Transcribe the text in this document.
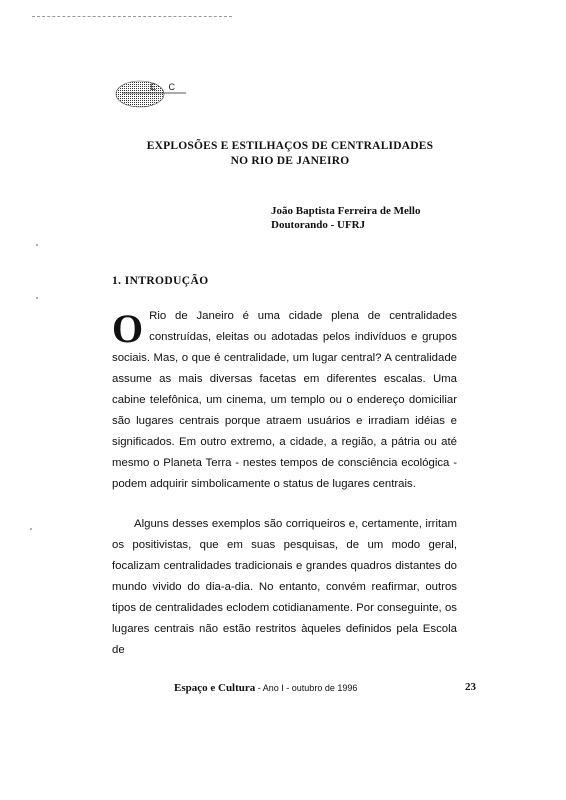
E C
EXPLOSÕES E ESTILHAÇOS DE CENTRALIDADES
NO RIO DE JANEIRO
João Baptista Ferreira de Mello
Doutorando - UFRJ
1. INTRODUÇÃO
O Rio de Janeiro é uma cidade plena de centralidades construídas, eleitas ou adotadas pelos indivíduos e grupos sociais. Mas, o que é centralidade, um lugar central? A centralidade assume as mais diversas facetas em diferentes escalas. Uma cabine telefônica, um cinema, um templo ou o endereço domiciliar são lugares centrais porque atraem usuários e irradiam idéias e significados. Em outro extremo, a cidade, a região, a pátria ou até mesmo o Planeta Terra - nestes tempos de consciência ecológica - podem adquirir simbolicamente o status de lugares centrais.
Alguns desses exemplos são corriqueiros e, certamente, irritam os positivistas, que em suas pesquisas, de um modo geral, focalizam centralidades tradicionais e grandes quadros distantes do mundo vivido do dia-a-dia. No entanto, convém reafirmar, outros tipos de centralidades eclodem cotidianamente. Por conseguinte, os lugares centrais não estão restritos àqueles definidos pela Escola de
Espaço e Cultura - Ano I - outubro de 1996	23
